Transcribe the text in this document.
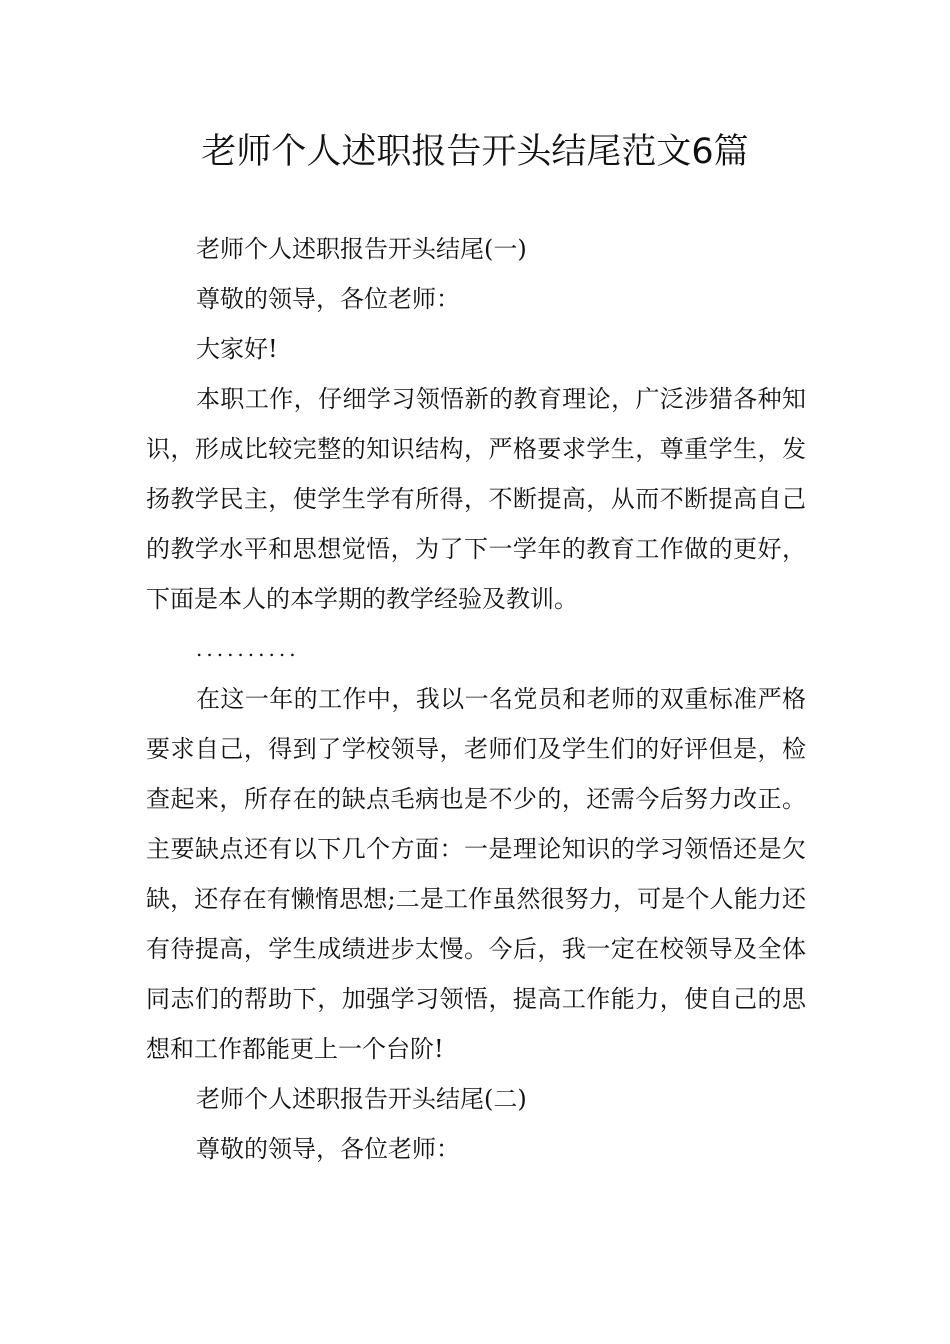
老师个人述职报告开头结尾范文6篇

老师个人述职报告开头结尾(一)

尊敬的领导，各位老师：

大家好!

本职工作，仔细学习领悟新的教育理论，广泛涉猎各种知识，形成比较完整的知识结构，严格要求学生，尊重学生，发扬教学民主，使学生学有所得，不断提高，从而不断提高自己的教学水平和思想觉悟，为了下一学年的教育工作做的更好，下面是本人的本学期的教学经验及教训。

..........

在这一年的工作中，我以一名党员和老师的双重标准严格要求自己，得到了学校领导，老师们及学生们的好评但是，检查起来，所存在的缺点毛病也是不少的，还需今后努力改正。主要缺点还有以下几个方面：一是理论知识的学习领悟还是欠缺，还存在有懒惰思想;二是工作虽然很努力，可是个人能力还有待提高，学生成绩进步太慢。今后，我一定在校领导及全体同志们的帮助下，加强学习领悟，提高工作能力，使自己的思想和工作都能更上一个台阶!

老师个人述职报告开头结尾(二)

尊敬的领导，各位老师：
